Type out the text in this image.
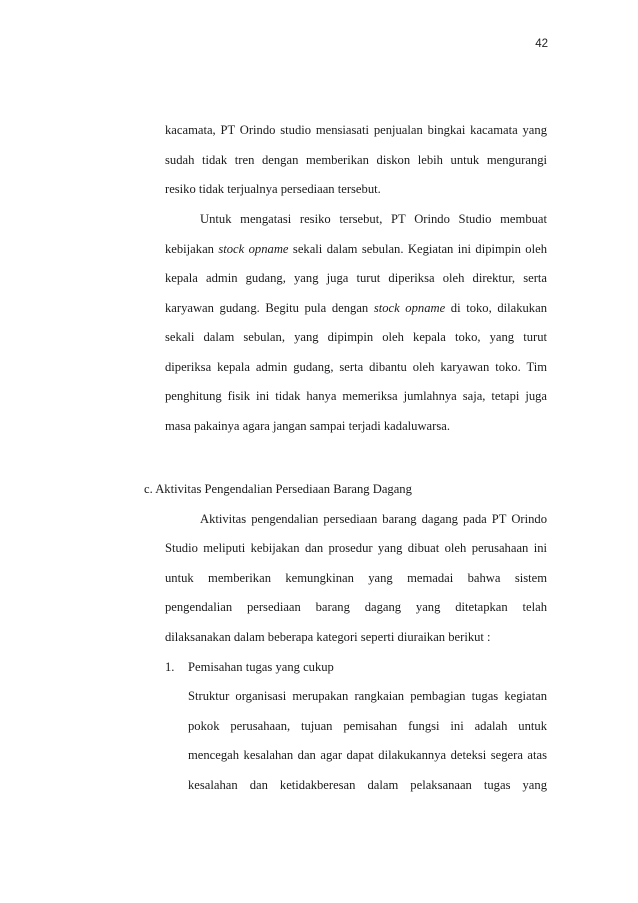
42
kacamata, PT Orindo studio mensiasati penjualan bingkai kacamata yang
sudah tidak tren dengan memberikan diskon lebih untuk mengurangi
resiko tidak terjualnya persediaan tersebut.
Untuk mengatasi resiko tersebut, PT Orindo Studio membuat
kebijakan stock opname sekali dalam sebulan. Kegiatan ini dipimpin oleh
kepala admin gudang, yang juga turut diperiksa oleh direktur, serta
karyawan gudang. Begitu pula dengan stock opname di toko, dilakukan
sekali dalam sebulan, yang dipimpin oleh kepala toko, yang turut
diperiksa kepala admin gudang, serta dibantu oleh karyawan toko. Tim
penghitung fisik ini tidak hanya memeriksa jumlahnya saja, tetapi juga
masa pakainya agara jangan sampai terjadi kadaluwarsa.
c. Aktivitas Pengendalian Persediaan Barang Dagang
Aktivitas pengendalian persediaan barang dagang pada PT Orindo
Studio meliputi kebijakan dan prosedur yang dibuat oleh perusahaan ini
untuk memberikan kemungkinan yang memadai bahwa sistem
pengendalian persediaan barang dagang yang ditetapkan telah
dilaksanakan dalam beberapa kategori seperti diuraikan berikut :
1. Pemisahan tugas yang cukup
Struktur organisasi merupakan rangkaian pembagian tugas kegiatan
pokok perusahaan, tujuan pemisahan fungsi ini adalah untuk
mencegah kesalahan dan agar dapat dilakukannya deteksi segera atas
kesalahan dan ketidakberesan dalam pelaksanaan tugas yang
